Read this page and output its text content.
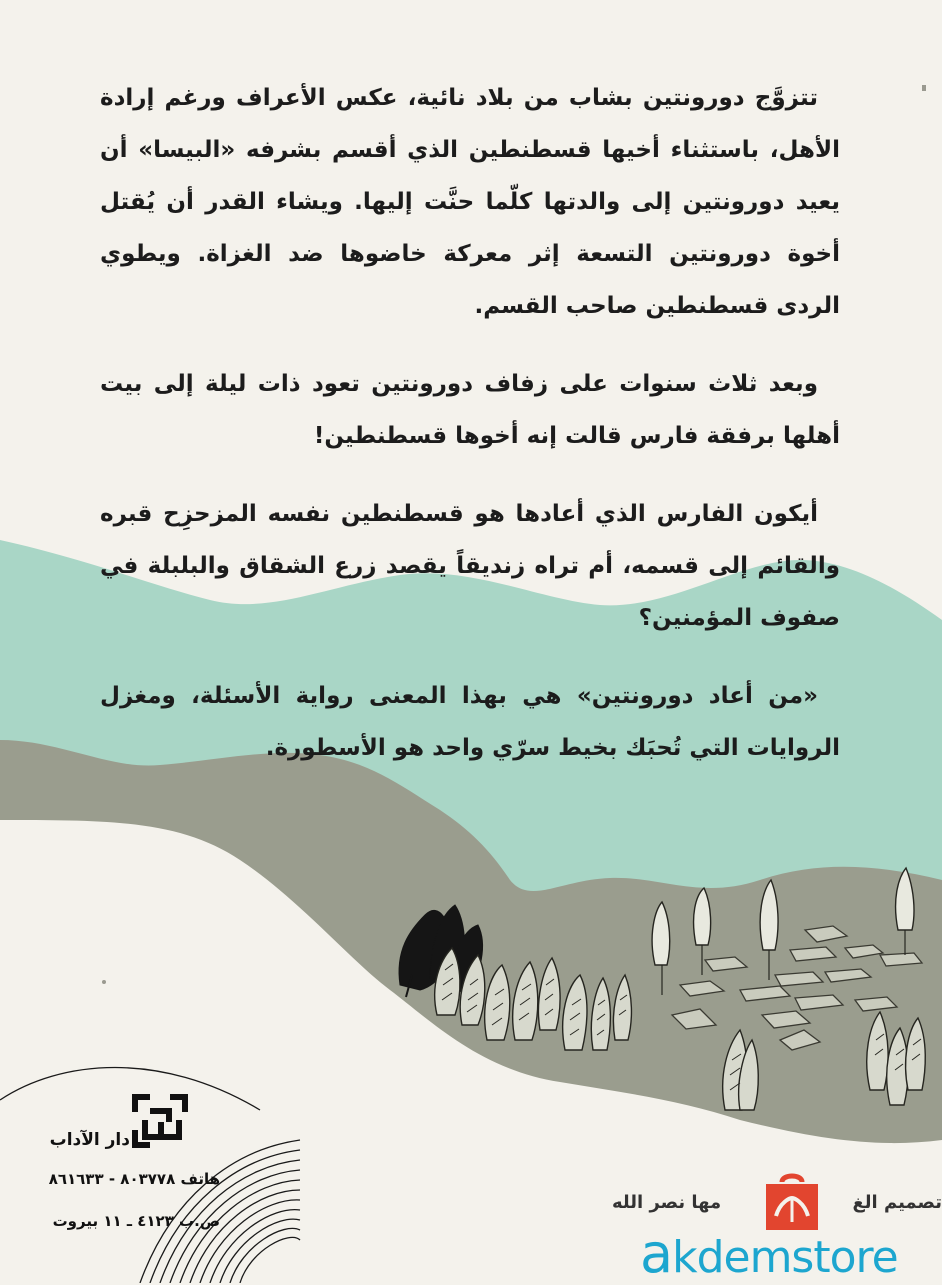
تتزوَّج دورونتين بشاب من بلاد نائية، عكس الأعراف ورغم إرادة الأهل، باستثناء أخيها قسطنطين الذي أقسم بشرفه «البيسا» أن يعيد دورونتين إلى والدتها كلّما حنَّت إليها. ويشاء القدر أن يُقتل أخوة دورونتين التسعة إثر معركة خاضوها ضد الغزاة. ويطوي الردى قسطنطين صاحب القسم.

وبعد ثلاث سنوات على زفاف دورونتين تعود ذات ليلة إلى بيت أهلها برفقة فارس قالت إنه أخوها قسطنطين!

أيكون الفارس الذي أعادها هو قسطنطين نفسه المزحزِح قبره والقائم إلى قسمه، أم تراه زنديقاً يقصد زرع الشقاق والبلبلة في صفوف المؤمنين؟

«من أعاد دورونتين» هي بهذا المعنى رواية الأسئلة، ومغزل الروايات التي تُحبَك بخيط سرّي واحد هو الأسطورة.

دار الآداب
هاتف ٨٠٣٧٧٨ - ٨٦١٦٣٣
ص.ب ٤١٢٣ ـ ١١ بيروت
مها نصر الله	تصميم الغ
akdemstore
